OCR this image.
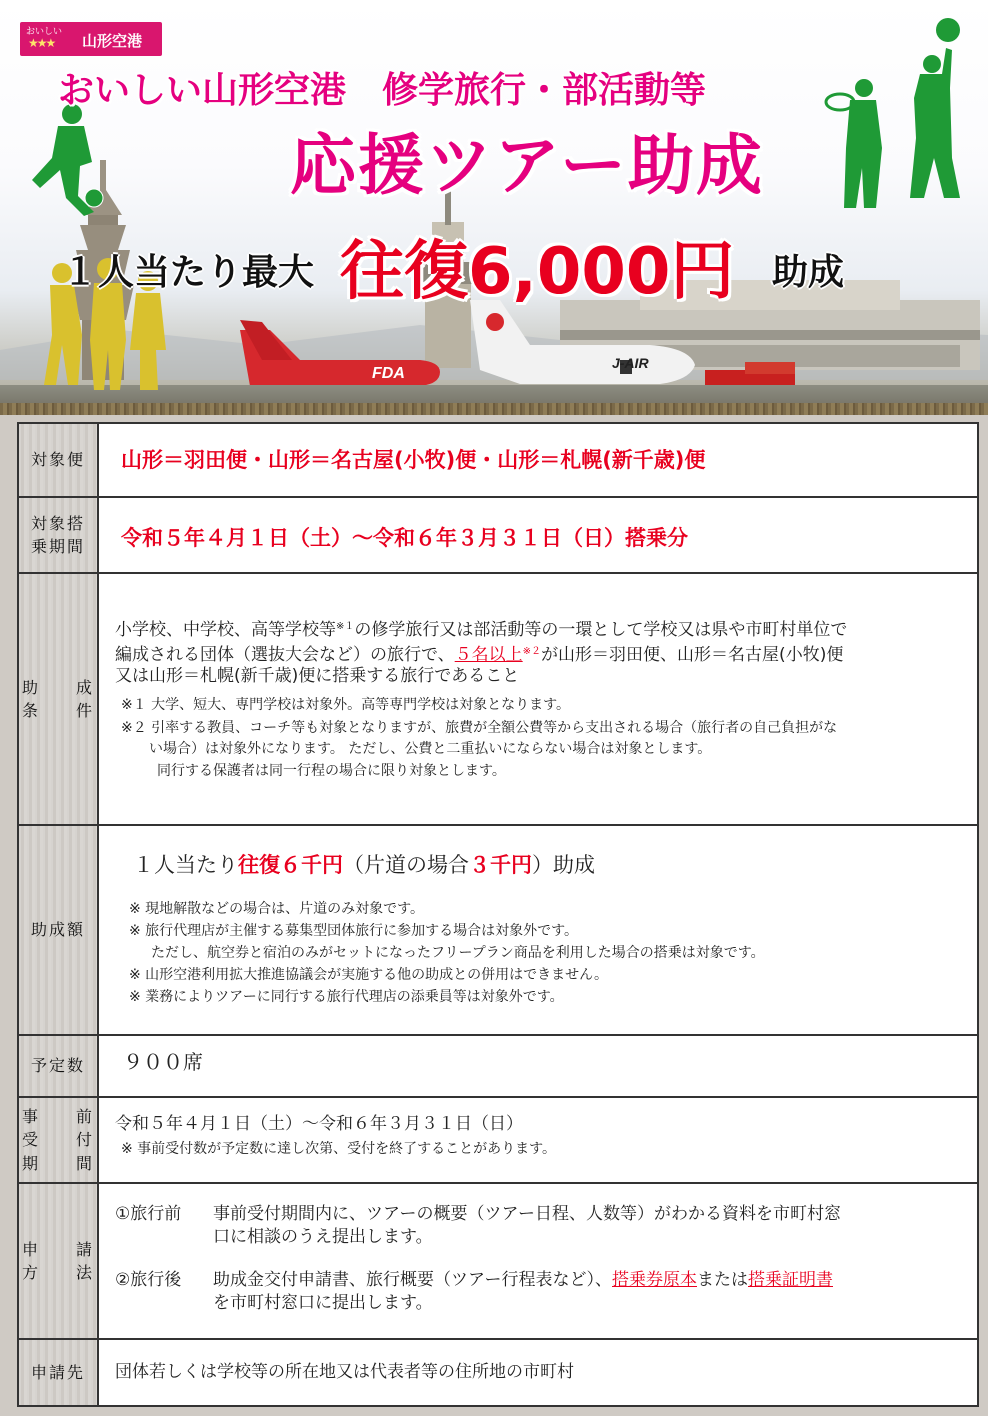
FDA
J-AIR
おいしい
★★★ 山形空港
おいしい山形空港　修学旅行・部活動等
応援ツアー助成
１人当たり最大 往復6,000円 助成
対象便	山形＝羽田便・山形＝名古屋(小牧)便・山形＝札幌(新千歳)便
対象搭
乗期間 令和５年４月１日（土）～令和６年３月３１日（日）搭乗分
助　　成
条　　件
小学校、中学校、高等学校等$^{※1}$の修学旅行又は部活動等の一環として学校又は県や市町村単位で
編成される団体（選抜大会など）の旅行で、５名以上$^{※2}$が山形＝羽田便、山形＝名古屋(小牧)便
又は山形＝札幌(新千歳)便に搭乗する旅行であること
※１ 大学、短大、専門学校は対象外。高等専門学校は対象となります。
※２ 引率する教員、コーチ等も対象となりますが、旅費が全額公費等から支出される場合（旅行者の自己負担がな
い場合）は対象外になります。 ただし、公費と二重払いにならない場合は対象とします。
同行する保護者は同一行程の場合に限り対象とします。
助成額
１人当たり往復６千円（片道の場合３千円）助成
※ 現地解散などの場合は、片道のみ対象です。
※ 旅行代理店が主催する募集型団体旅行に参加する場合は対象外です。
ただし、航空券と宿泊のみがセットになったフリープラン商品を利用した場合の搭乗は対象です。
※ 山形空港利用拡大推進協議会が実施する他の助成との併用はできません。
※ 業務によりツアーに同行する旅行代理店の添乗員等は対象外です。
予定数	９００席
事　　前
受　　付
期　　間
令和５年４月１日（土）～令和６年３月３１日（日）
※ 事前受付数が予定数に達し次第、受付を終了することがあります。
申　　請
方　　法
①旅行前 事前受付期間内に、ツアーの概要（ツアー日程、人数等）がわかる資料を市町村窓
口に相談のうえ提出します。
②旅行後 助成金交付申請書、旅行概要（ツアー行程表など）、搭乗券原本または搭乗証明書
を市町村窓口に提出します。
申請先	団体若しくは学校等の所在地又は代表者等の住所地の市町村
